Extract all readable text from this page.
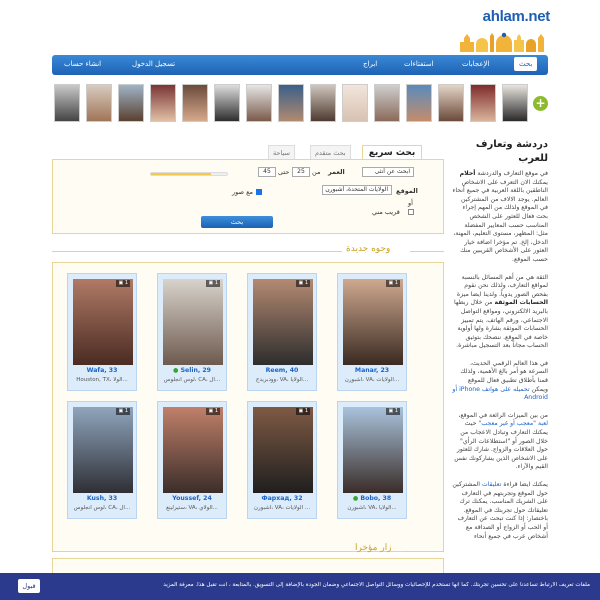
ahlam.net
بحث
الإعجابات
استفتاءات
ابراج
تسجيل الدخول
انشاء حساب
+
دردشة وتعارف للعرب

في موقع التعارف والدردشة أحلام يمكنك الان التعرف على الاشخاص الناطقين باللغة العربية في جميع أنحاء العالم. يوجد الالاف من المشتركين في الموقع ولذلك من المهم إجراء بحث فعال للعثور على الشخص المناسب حسب المعايير المفضلة مثل: المظهر، مستوى التعليم، المهنة، الدخل، إلخ. تم مؤخرا اضافة خيار العثور على الأشخاص القريبين منك حسب الموقع.

الثقة هي من أهم المسائل بالنسبة لمواقع التعارف، ولذلك نحن نقوم بفحص الصور يدوياً. ولدينا ايضا ميزة الحسابات الموثقة من خلال ربطها بالبريد الالكتروني، ومواقع التواصل الاجتماعي، ورقم الهاتف. يتم تمييز الحسابات الموثقة بشارة ولها أولوية خاصة في الموقع. ننصحك بتوثيق الحساب مجاناً بعد التسجيل مباشرة.

في هذا العالم الرقمي الحديث، السرعة هو أمر بالغ الأهمية، ولذلك قمنا بأطلاق تطبيق فعال للموقع ويمكن تحميله على هواتف iPhone أو Android

من بين الميزات الرائعة في الموقع، لعبة "معجب أو غير معجب" حيث يمكنك التعارف وتبادل الاعجاب من خلال الصور أو "استطلاعات الرأي" حول العلاقات والزواج. شارك للعثور على الاشخاص الذين يشاركونك نفس القيم والآراء.

يمكنك ايضا قراءة تعليقات المشتركين حول الموقع وتجربتهم في التعارف على الشريك المناسب. يمكنك ترك تعليقاتك حول تجربتك في الموقع. باختصار: إذا كنت تبحث عن التعارف أو الحب أو الزواج أو الصداقة مع أشخاص عرب في جميع أنحاء

بحث سريع
بحث متقدم
سياحة
ابحث عن أنثى
العمر
من
25
حتى
45
الموقع
الولايات المتحدة، أشبورن
أو
مع صور
قريب مني
بحث
وجوه جديدة
▣ 1
Manar, 23
أشبورن، VA، الولايات...
▣ 1
Reem, 40
وودبريدج، VA، الولايا...
▣ 1
● Selin, 29
لوس أنجلوس، CA، ال...
▣ 1
Wafa, 33
Houston, TX، الولا...
▣ 1
● Bobo, 38
أشبورن، VA، الولايا...
▣ 1
Фархад, 32
أشبورن، VA، الولايات ...
▣ 1
Youssef, 24
ستيرلينغ، VA، الولاي...
▣ 1
Kush, 33
لوس أنجلوس، CA، ال...
زار مؤخرا
ملفات تعريف الارتباط تساعدنا على تحسين تجربتك. كما أنها تستخدم للإحصائيات ووسائل التواصل الاجتماعي وضمان الجودة بالإضافة إلى التسويق. بالمتابعة ، أنت تقبل هذا. معرفة المزيد
قبول
